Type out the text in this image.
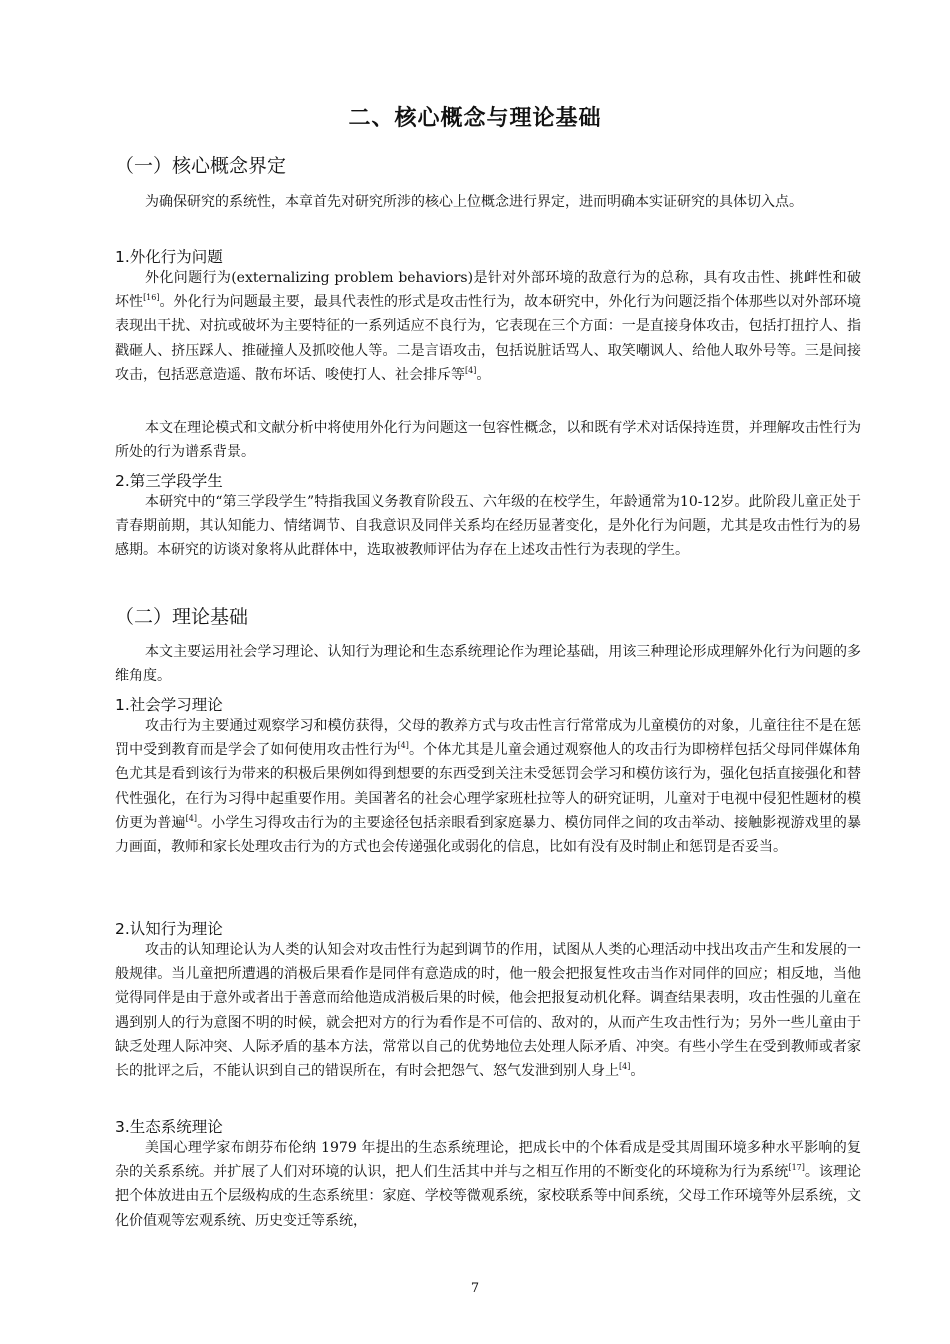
二、核心概念与理论基础
（一）核心概念界定

为确保研究的系统性，本章首先对研究所涉的核心上位概念进行界定，进而明确本实证研究的具体切入点。

1.外化行为问题

外化问题行为(externalizing problem behaviors)是针对外部环境的敌意行为的总称，具有攻击性、挑衅性和破坏性[16]。外化行为问题最主要，最具代表性的形式是攻击性行为，故本研究中，外化行为问题泛指个体那些以对外部环境表现出干扰、对抗或破坏为主要特征的一系列适应不良行为，它表现在三个方面：一是直接身体攻击，包括打扭拧人、指戳砸人、挤压踩人、推碰撞人及抓咬他人等。二是言语攻击，包括说脏话骂人、取笑嘲讽人、给他人取外号等。三是间接攻击，包括恶意造遥、散布坏话、唆使打人、社会排斥等[4]。

本文在理论模式和文献分析中将使用外化行为问题这一包容性概念，以和既有学术对话保持连贯，并理解攻击性行为所处的行为谱系背景。

2.第三学段学生

本研究中的“第三学段学生”特指我国义务教育阶段五、六年级的在校学生，年龄通常为10-12岁。此阶段儿童正处于青春期前期，其认知能力、情绪调节、自我意识及同伴关系均在经历显著变化，是外化行为问题，尤其是攻击性行为的易感期。本研究的访谈对象将从此群体中，选取被教师评估为存在上述攻击性行为表现的学生。

（二）理论基础

本文主要运用社会学习理论、认知行为理论和生态系统理论作为理论基础，用该三种理论形成理解外化行为问题的多维角度。

1.社会学习理论

攻击行为主要通过观察学习和模仿获得，父母的教养方式与攻击性言行常常成为儿童模仿的对象，儿童往往不是在惩罚中受到教育而是学会了如何使用攻击性行为[4]。个体尤其是儿童会通过观察他人的攻击行为即榜样包括父母同伴媒体角色尤其是看到该行为带来的积极后果例如得到想要的东西受到关注未受惩罚会学习和模仿该行为，强化包括直接强化和替代性强化，在行为习得中起重要作用。美国著名的社会心理学家班杜拉等人的研究证明，儿童对于电视中侵犯性题材的模仿更为普遍[4]。小学生习得攻击行为的主要途径包括亲眼看到家庭暴力、模仿同伴之间的攻击举动、接触影视游戏里的暴力画面，教师和家长处理攻击行为的方式也会传递强化或弱化的信息，比如有没有及时制止和惩罚是否妥当。

2.认知行为理论

攻击的认知理论认为人类的认知会对攻击性行为起到调节的作用，试图从人类的心理活动中找出攻击产生和发展的一般规律。当儿童把所遭遇的消极后果看作是同伴有意造成的时，他一般会把报复性攻击当作对同伴的回应；相反地，当他觉得同伴是由于意外或者出于善意而给他造成消极后果的时候，他会把报复动机化释。调查结果表明，攻击性强的儿童在遇到别人的行为意图不明的时候，就会把对方的行为看作是不可信的、敌对的，从而产生攻击性行为；另外一些儿童由于缺乏处理人际冲突、人际矛盾的基本方法，常常以自己的优势地位去处理人际矛盾、冲突。有些小学生在受到教师或者家长的批评之后，不能认识到自己的错误所在，有时会把怨气、怒气发泄到别人身上[4]。

3.生态系统理论

美国心理学家布朗芬布伦纳 1979 年提出的生态系统理论，把成长中的个体看成是受其周围环境多种水平影响的复杂的关系系统。并扩展了人们对环境的认识，把人们生活其中并与之相互作用的不断变化的环境称为行为系统[17]。该理论把个体放进由五个层级构成的生态系统里：家庭、学校等微观系统，家校联系等中间系统，父母工作环境等外层系统，文化价值观等宏观系统、历史变迁等系统，

7
